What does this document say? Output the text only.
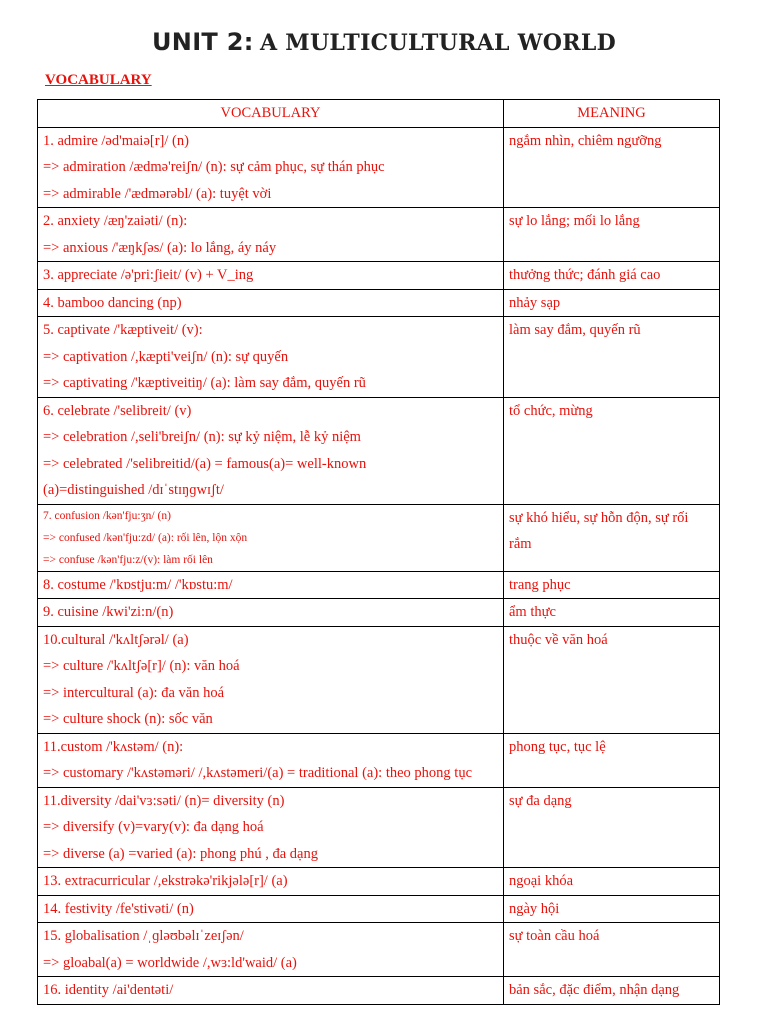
UNIT 2: A MULTICULTURAL WORLD
VOCABULARY
VOCABULARY	MEANING

1. admire /əd'maiə[r]/ (n)
=> admiration /ædmə'reiʃn/ (n): sự cảm phục, sự thán phục
=> admirable /'ædmərəbl/ (a): tuyệt vời	ngắm nhìn, chiêm ngưỡng

2. anxiety /æŋ'zaiəti/ (n):
=> anxious /'æŋkʃəs/ (a): lo lắng, áy náy	sự lo lắng; mối lo lắng

3. appreciate /ə'pri:ʃieit/ (v) + V_ing	thưởng thức; đánh giá cao

4. bamboo dancing (np)	nhảy sạp

5. captivate /'kæptiveit/ (v):
=> captivation /,kæpti'veiʃn/ (n): sự quyến
=> captivating /'kæptiveitiŋ/ (a): làm say đắm, quyến rũ	làm say đắm, quyến rũ

6. celebrate /'selibreit/ (v)
=> celebration /,seli'breiʃn/ (n): sự kỷ niệm, lễ kỷ niệm
=> celebrated /'selibreitid/(a) = famous(a)= well-known
(a)=distinguished /dɪˈstɪŋɡwɪʃt/	tổ chức, mừng

7. confusion /kən'fju:ʒn/ (n)
=> confused /kən'fju:zd/ (a): rối lên, lộn xộn
=> confuse /kən'fju:z/(v): làm rối lên	sự khó hiểu, sự hỗn độn, sự rối
rắm

8. costume /'kɒstju:m/ /'kɒstu:m/	trang phục

9. cuisine /kwi'zi:n/(n)	ẩm thực

10.cultural /'kʌltʃərəl/ (a)
=> culture /'kʌltʃə[r]/ (n): văn hoá
=> intercultural (a): đa văn hoá
=> culture shock (n): sốc văn	thuộc về văn hoá

11.custom /'kʌstəm/ (n):
=> customary /'kʌstəməri/ /,kʌstəmeri/(a) = traditional (a): theo phong tục	phong tục, tục lệ

11.diversity /dai'vɜ:səti/ (n)= diversity (n)
=> diversify (v)=vary(v): đa dạng hoá
=> diverse (a) =varied (a): phong phú , đa dạng	sự đa dạng

13. extracurricular /,ekstrəkə'rikjələ[r]/ (a)	ngoại khóa

14. festivity /fe'stivəti/ (n)	ngày hội

15. globalisation /ˌɡləʊbəlɪˈzeɪʃən/
=> gloabal(a) = worldwide /,wɜ:ld'waid/ (a)	sự toàn cầu hoá

16. identity /ai'dentəti/	bản sắc, đặc điểm, nhận dạng
